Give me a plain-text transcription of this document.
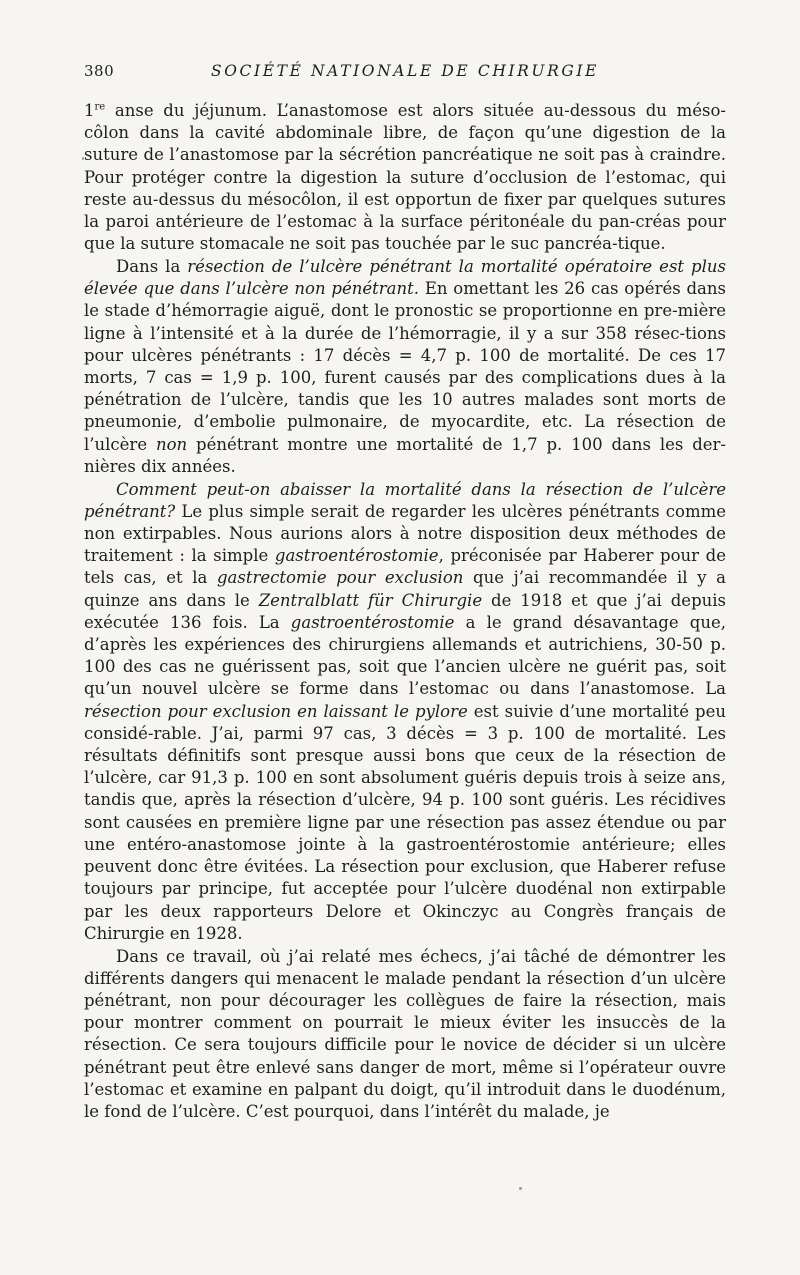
380	SOCIÉTÉ NATIONALE DE CHIRURGIE

1re anse du jéjunum. L’anastomose est alors située au-dessous du méso-côlon dans la cavité abdominale libre, de façon qu’une digestion de la suture de l’anastomose par la sécrétion pancréatique ne soit pas à craindre. Pour protéger contre la digestion la suture d’occlusion de l’estomac, qui reste au-dessus du mésocôlon, il est opportun de fixer par quelques sutures la paroi antérieure de l’estomac à la surface péritonéale du pan-créas pour que la suture stomacale ne soit pas touchée par le suc pancréa-tique.

Dans la résection de l’ulcère pénétrant la mortalité opératoire est plus élevée que dans l’ulcère non pénétrant. En omettant les 26 cas opérés dans le stade d’hémorragie aiguë, dont le pronostic se proportionne en pre-mière ligne à l’intensité et à la durée de l’hémorragie, il y a sur 358 résec-tions pour ulcères pénétrants : 17 décès = 4,7 p. 100 de mortalité. De ces 17 morts, 7 cas = 1,9 p. 100, furent causés par des complications dues à la pénétration de l’ulcère, tandis que les 10 autres malades sont morts de pneumonie, d’embolie pulmonaire, de myocardite, etc. La résection de l’ulcère non pénétrant montre une mortalité de 1,7 p. 100 dans les der-nières dix années.

Comment peut-on abaisser la mortalité dans la résection de l’ulcère pénétrant? Le plus simple serait de regarder les ulcères pénétrants comme non extirpables. Nous aurions alors à notre disposition deux méthodes de traitement : la simple gastroentérostomie, préconisée par Haberer pour de tels cas, et la gastrectomie pour exclusion que j’ai recommandée il y a quinze ans dans le Zentralblatt für Chirurgie de 1918 et que j’ai depuis exécutée 136 fois. La gastroentérostomie a le grand désavantage que, d’après les expériences des chirurgiens allemands et autrichiens, 30-50 p. 100 des cas ne guérissent pas, soit que l’ancien ulcère ne guérit pas, soit qu’un nouvel ulcère se forme dans l’estomac ou dans l’anastomose. La résection pour exclusion en laissant le pylore est suivie d’une mortalité peu considé-rable. J’ai, parmi 97 cas, 3 décès = 3 p. 100 de mortalité. Les résultats définitifs sont presque aussi bons que ceux de la résection de l’ulcère, car 91,3 p. 100 en sont absolument guéris depuis trois à seize ans, tandis que, après la résection d’ulcère, 94 p. 100 sont guéris. Les récidives sont causées en première ligne par une résection pas assez étendue ou par une entéro-anastomose jointe à la gastroentérostomie antérieure; elles peuvent donc être évitées. La résection pour exclusion, que Haberer refuse toujours par principe, fut acceptée pour l’ulcère duodénal non extirpable par les deux rapporteurs Delore et Okinczyc au Congrès français de Chirurgie en 1928.

Dans ce travail, où j’ai relaté mes échecs, j’ai tâché de démontrer les différents dangers qui menacent le malade pendant la résection d’un ulcère pénétrant, non pour décourager les collègues de faire la résection, mais pour montrer comment on pourrait le mieux éviter les insuccès de la résection. Ce sera toujours difficile pour le novice de décider si un ulcère pénétrant peut être enlevé sans danger de mort, même si l’opérateur ouvre l’estomac et examine en palpant du doigt, qu’il introduit dans le duodénum, le fond de l’ulcère. C’est pourquoi, dans l’intérêt du malade, je
